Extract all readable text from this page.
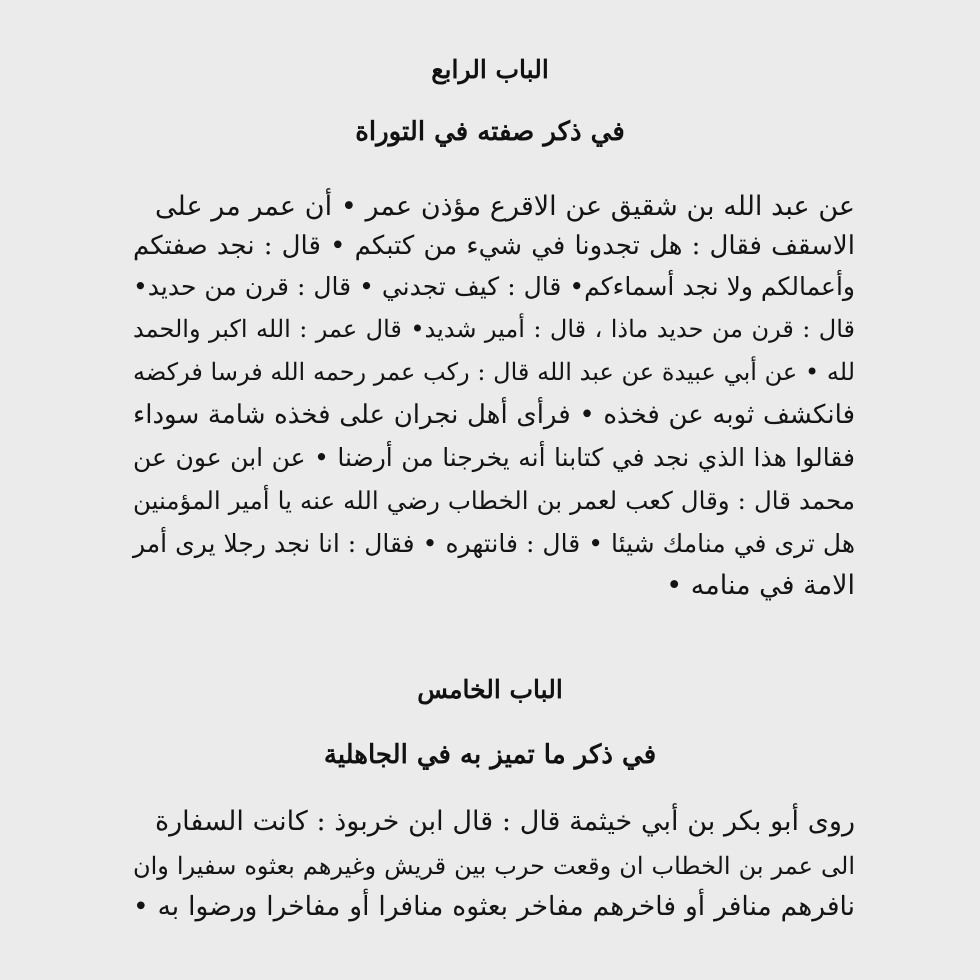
الباب الرابع
في ذكر صفته في التوراة
عن عبد الله بن شقيق عن الاقرع مؤذن عمر • أن عمر مر على
الاسقف فقال : هل تجدونا في شيء من كتبكم • قال : نجد صفتكم
وأعمالكم ولا نجد أسماءكم• قال : كيف تجدني • قال : قرن من حديد•
قال : قرن من حديد ماذا ، قال : أمير شديد• قال عمر : الله اكبر والحمد
لله • عن أبي عبيدة عن عبد الله قال : ركب عمر رحمه الله فرسا فركضه
فانكشف ثوبه عن فخذه • فرأى أهل نجران على فخذه شامة سوداء
فقالوا هذا الذي نجد في كتابنا أنه يخرجنا من أرضنا • عن ابن عون عن
محمد قال : وقال كعب لعمر بن الخطاب رضي الله عنه يا أمير المؤمنين
هل ترى في منامك شيئا • قال : فانتهره • فقال : انا نجد رجلا يرى أمر
الامة في منامه •
الباب الخامس
في ذكر ما تميز به في الجاهلية
روى أبو بكر بن أبي خيثمة قال : قال ابن خربوذ : كانت السفارة
الى عمر بن الخطاب ان وقعت حرب بين قريش وغيرهم بعثوه سفيرا وان
نافرهم منافر أو فاخرهم مفاخر بعثوه منافرا أو مفاخرا ورضوا به •
